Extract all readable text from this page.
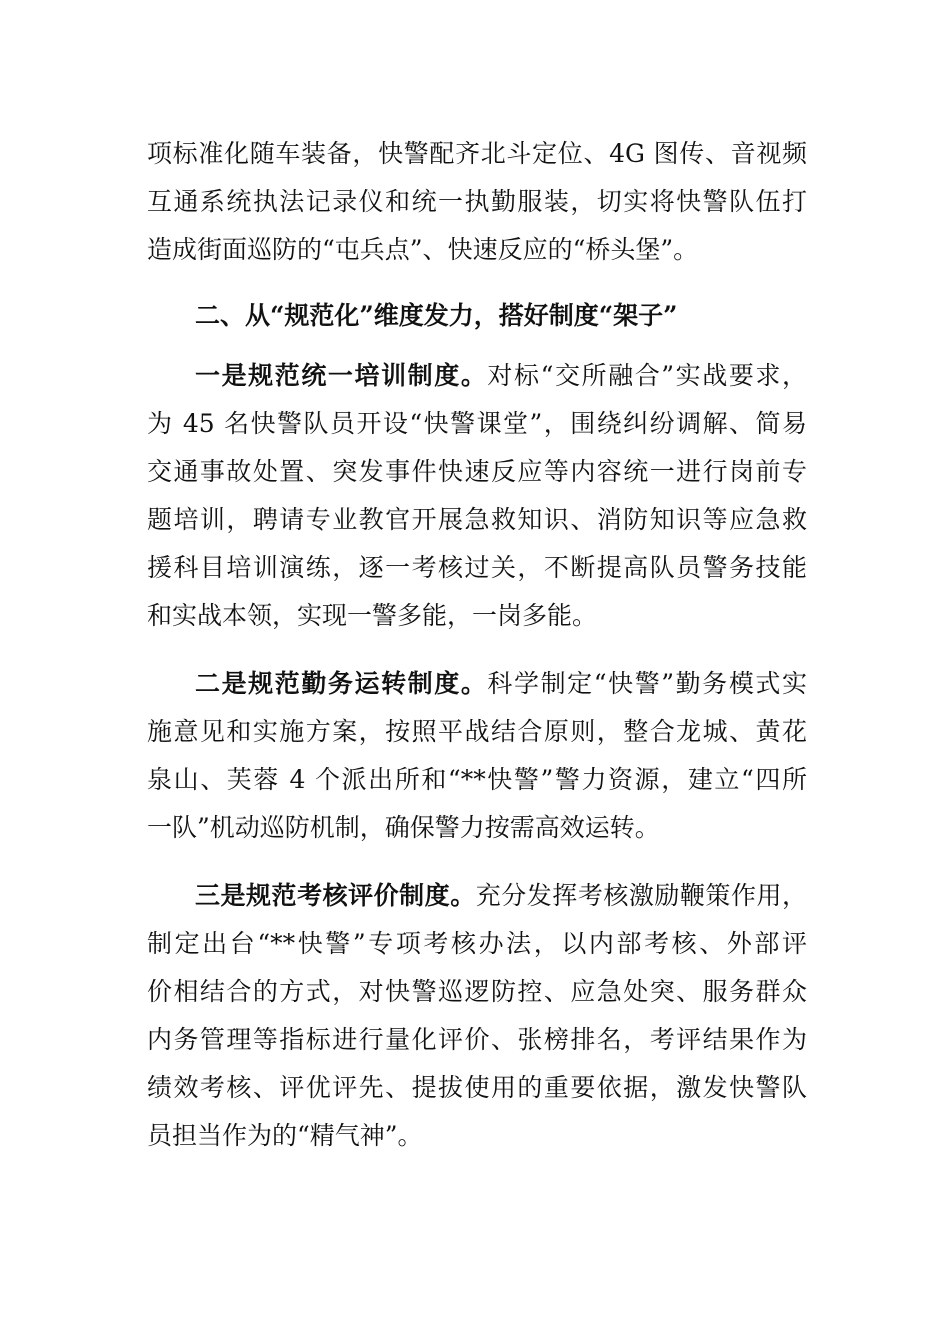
项标准化随车装备，快警配齐北斗定位、4G 图传、音视频
互通系统执法记录仪和统一执勤服装，切实将快警队伍打
造成街面巡防的“屯兵点”、快速反应的“桥头堡”。
二、从“规范化”维度发力，搭好制度“架子”
一是规范统一培训制度。对标“交所融合”实战要求，
为 45 名快警队员开设“快警课堂”，围绕纠纷调解、简易
交通事故处置、突发事件快速反应等内容统一进行岗前专
题培训，聘请专业教官开展急救知识、消防知识等应急救
援科目培训演练，逐一考核过关，不断提高队员警务技能
和实战本领，实现一警多能，一岗多能。
二是规范勤务运转制度。科学制定“快警”勤务模式实
施意见和实施方案，按照平战结合原则，整合龙城、黄花
泉山、芙蓉 4 个派出所和“**快警”警力资源，建立“四所
一队”机动巡防机制，确保警力按需高效运转。
三是规范考核评价制度。充分发挥考核激励鞭策作用，
制定出台“**快警”专项考核办法，以内部考核、外部评
价相结合的方式，对快警巡逻防控、应急处突、服务群众
内务管理等指标进行量化评价、张榜排名，考评结果作为
绩效考核、评优评先、提拔使用的重要依据，激发快警队
员担当作为的“精气神”。
